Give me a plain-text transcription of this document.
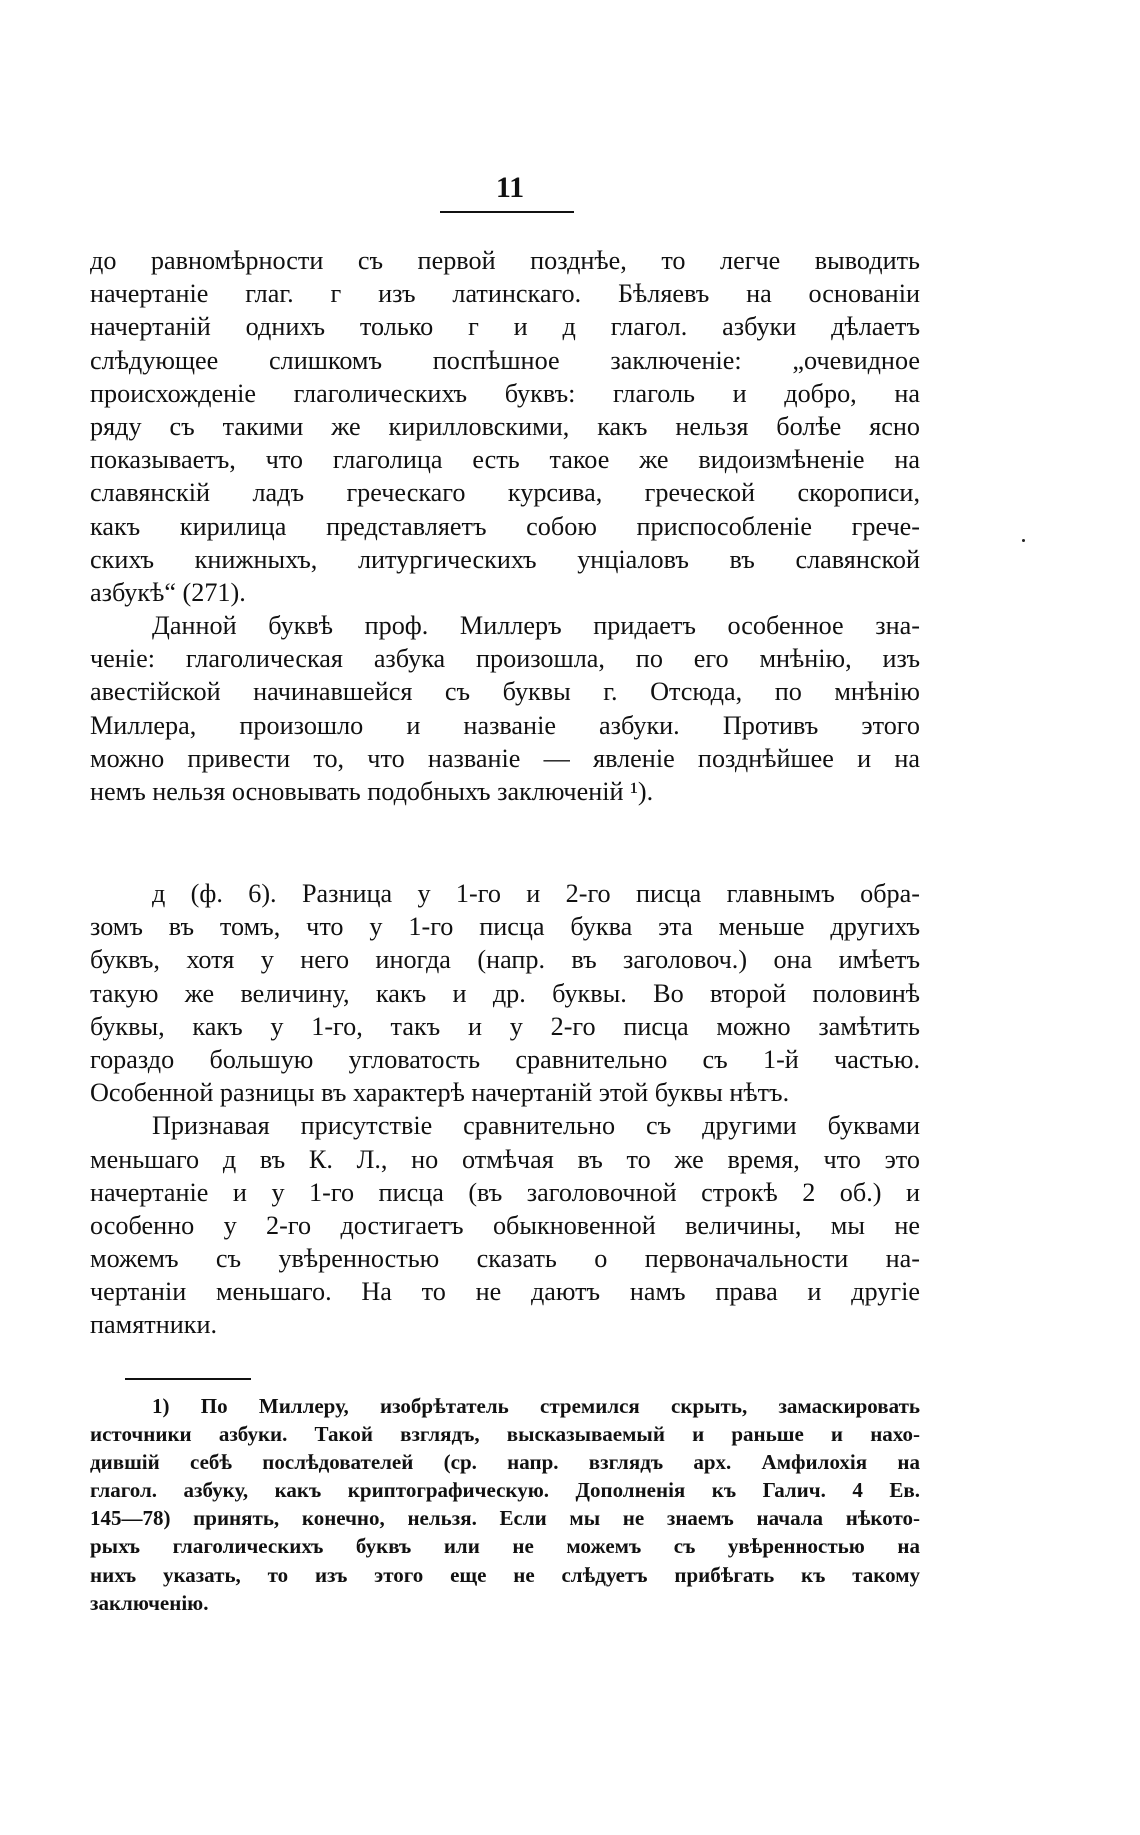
11
до равномѣрности съ первой позднѣе, то легче выводить
начертаніе глаг. г изъ латинскаго. Бѣляевъ на основаніи
начертаній однихъ только г и д глагол. азбуки дѣлаетъ
слѣдующее слишкомъ поспѣшное заключеніе: „очевидное
происхожденіе глаголическихъ буквъ: глаголь и добро, на
ряду съ такими же кирилловскими, какъ нельзя болѣе ясно
показываетъ, что глаголица есть такое же видоизмѣненіе на
славянскій ладъ греческаго курсива, греческой скорописи,
какъ кирилица представляетъ собою приспособленіе грече-
скихъ книжныхъ, литургическихъ унціаловъ въ славянской
азбукѣ“ (271).
Данной буквѣ проф. Миллеръ придаетъ особенное зна-
ченіе: глаголическая азбука произошла, по его мнѣнію, изъ
авестійской начинавшейся съ буквы г. Отсюда, по мнѣнію
Миллера, произошло и названіе азбуки. Противъ этого
можно привести то, что названіе — явленіе позднѣйшее и на
немъ нельзя основывать подобныхъ заключеній ¹).
д (ф. 6). Разница у 1-го и 2-го писца главнымъ обра-
зомъ въ томъ, что у 1-го писца буква эта меньше другихъ
буквъ, хотя у него иногда (напр. въ заголовоч.) она имѣетъ
такую же величину, какъ и др. буквы. Во второй половинѣ
буквы, какъ у 1-го, такъ и у 2-го писца можно замѣтить
гораздо большую угловатость сравнительно съ 1-й частью.
Особенной разницы въ характерѣ начертаній этой буквы нѣтъ.
Признавая присутствіе сравнительно съ другими буквами
меньшаго д въ К. Л., но отмѣчая въ то же время, что это
начертаніе и у 1-го писца (въ заголовочной строкѣ 2 об.) и
особенно у 2-го достигаетъ обыкновенной величины, мы не
можемъ съ увѣренностью сказать о первоначальности на-
чертаніи меньшаго. На то не даютъ намъ права и другіе
памятники.
1) По Миллеру, изобрѣтатель стремился скрыть, замаскировать
источники азбуки. Такой взглядъ, высказываемый и раньше и нахо-
дившій себѣ послѣдователей (ср. напр. взглядъ арх. Амфилохія на
глагол. азбуку, какъ криптографическую. Дополненія къ Галич. 4 Ев.
145—78) принять, конечно, нельзя. Если мы не знаемъ начала нѣкото-
рыхъ глаголическихъ буквъ или не можемъ съ увѣренностью на
нихъ указать, то изъ этого еще не слѣдуетъ прибѣгать къ такому
заключенію.
